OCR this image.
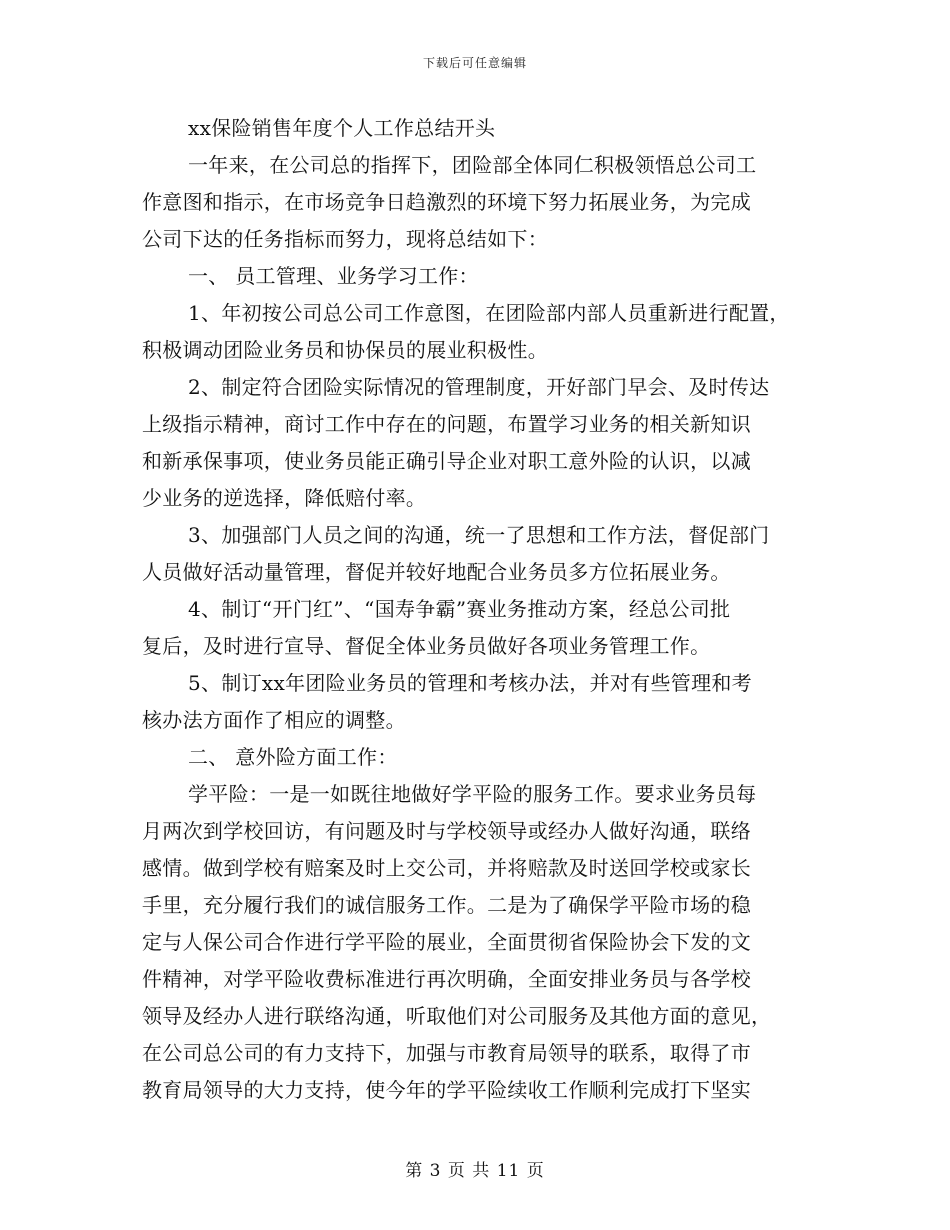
下载后可任意编辑
xx保险销售年度个人工作总结开头
一年来，在公司总的指挥下，团险部全体同仁积极领悟总公司工
作意图和指示，在市场竞争日趋激烈的环境下努力拓展业务，为完成
公司下达的任务指标而努力，现将总结如下：
一、 员工管理、业务学习工作：
1、年初按公司总公司工作意图，在团险部内部人员重新进行配置，
积极调动团险业务员和协保员的展业积极性。
2、制定符合团险实际情况的管理制度，开好部门早会、及时传达
上级指示精神，商讨工作中存在的问题，布置学习业务的相关新知识
和新承保事项，使业务员能正确引导企业对职工意外险的认识，以减
少业务的逆选择，降低赔付率。
3、加强部门人员之间的沟通，统一了思想和工作方法，督促部门
人员做好活动量管理，督促并较好地配合业务员多方位拓展业务。
4、制订“开门红”、“国寿争霸”赛业务推动方案，经总公司批
复后，及时进行宣导、督促全体业务员做好各项业务管理工作。
5、制订xx年团险业务员的管理和考核办法，并对有些管理和考
核办法方面作了相应的调整。
二、 意外险方面工作：
学平险：一是一如既往地做好学平险的服务工作。要求业务员每
月两次到学校回访，有问题及时与学校领导或经办人做好沟通，联络
感情。做到学校有赔案及时上交公司，并将赔款及时送回学校或家长
手里，充分履行我们的诚信服务工作。二是为了确保学平险市场的稳
定与人保公司合作进行学平险的展业，全面贯彻省保险协会下发的文
件精神，对学平险收费标准进行再次明确，全面安排业务员与各学校
领导及经办人进行联络沟通，听取他们对公司服务及其他方面的意见，
在公司总公司的有力支持下，加强与市教育局领导的联系，取得了市
教育局领导的大力支持，使今年的学平险续收工作顺利完成打下坚实
第 3 页 共 11 页
